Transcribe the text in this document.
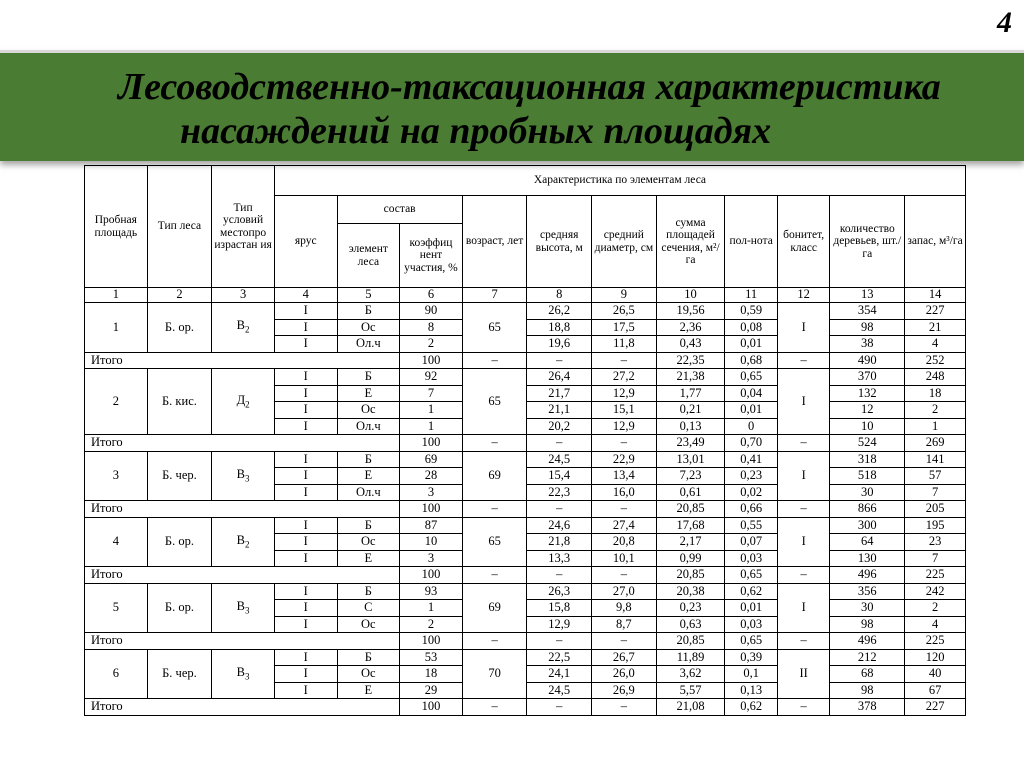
4
Лесоводственно-таксационная характеристика
насаждений на пробных площадях
Пробная площадь	Тип леса	Тип условий местопро израстан ия	Характеристика по элементам леса										
			ярус	состав		возраст, лет	средняя высота, м	средний диаметр, см	сумма площадей сечения, м²/га	пол-нота	бонитет, класс	количество деревьев, шт./га	запас, м³/га
				элемент леса	коэффиц нент участия, %								
1	2	3	4	5	6	7	8	9	10	11	12	13	14
1	Б. ор.	$В_2$	I	Б	90	65	26,2	26,5	19,56	0,59	I	354	227
			I	Ос	8		18,8	17,5	2,36	0,08		98	21
			I	Ол.ч	2		19,6	11,8	0,43	0,01		38	4
Итого					100	–	–	–	22,35	0,68	–	490	252
2	Б. кис.	$Д_2$	I	Б	92	65	26,4	27,2	21,38	0,65	I	370	248
			I	Е	7		21,7	12,9	1,77	0,04		132	18
			I	Ос	1		21,1	15,1	0,21	0,01		12	2
			I	Ол.ч	1		20,2	12,9	0,13	0		10	1
Итого					100	–	–	–	23,49	0,70	–	524	269
3	Б. чер.	$В_3$	I	Б	69	69	24,5	22,9	13,01	0,41	I	318	141
			I	Е	28		15,4	13,4	7,23	0,23		518	57
			I	Ол.ч	3		22,3	16,0	0,61	0,02		30	7
Итого					100	–	–	–	20,85	0,66	–	866	205
4	Б. ор.	$В_2$	I	Б	87	65	24,6	27,4	17,68	0,55	I	300	195
			I	Ос	10		21,8	20,8	2,17	0,07		64	23
			I	Е	3		13,3	10,1	0,99	0,03		130	7
Итого					100	–	–	–	20,85	0,65	–	496	225
5	Б. ор.	$В_3$	I	Б	93	69	26,3	27,0	20,38	0,62	I	356	242
			I	С	1		15,8	9,8	0,23	0,01		30	2
			I	Ос	2		12,9	8,7	0,63	0,03		98	4
Итого					100	–	–	–	20,85	0,65	–	496	225
6	Б. чер.	$В_3$	I	Б	53	70	22,5	26,7	11,89	0,39	II	212	120
			I	Ос	18		24,1	26,0	3,62	0,1		68	40
			I	Е	29		24,5	26,9	5,57	0,13		98	67
Итого					100	–	–	–	21,08	0,62	–	378	227
